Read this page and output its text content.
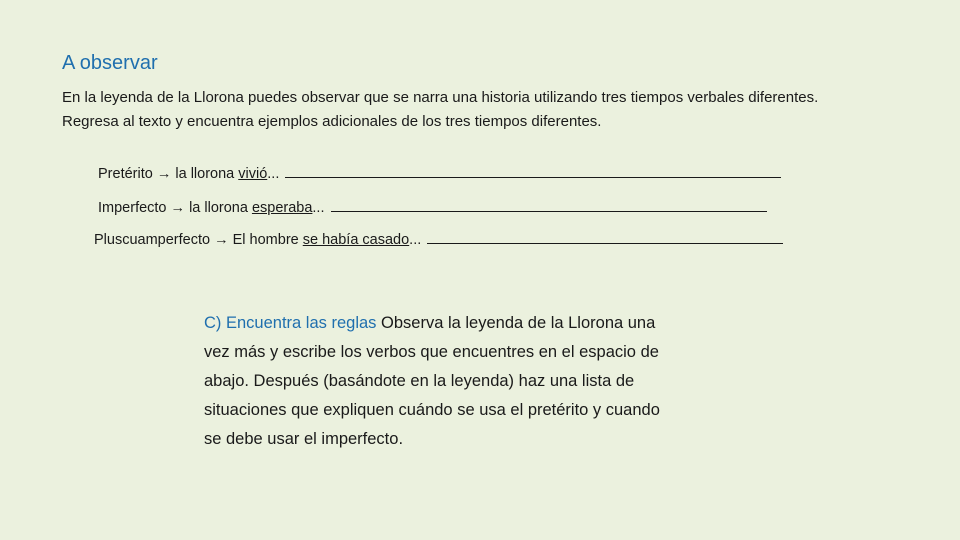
A observar

En la leyenda de la Llorona puedes observar que se narra una historia utilizando tres tiempos verbales diferentes. Regresa al texto y encuentra ejemplos adicionales de los tres tiempos diferentes.

Pretérito → la llorona vivió...
Imperfecto → la llorona esperaba...
Pluscuamperfecto → El hombre se había casado...

C) Encuentra las reglas Observa la leyenda de la Llorona una vez más y escribe los verbos que encuentres en el espacio de abajo. Después (basándote en la leyenda) haz una lista de situaciones que expliquen cuándo se usa el pretérito y cuando se debe usar el imperfecto.
